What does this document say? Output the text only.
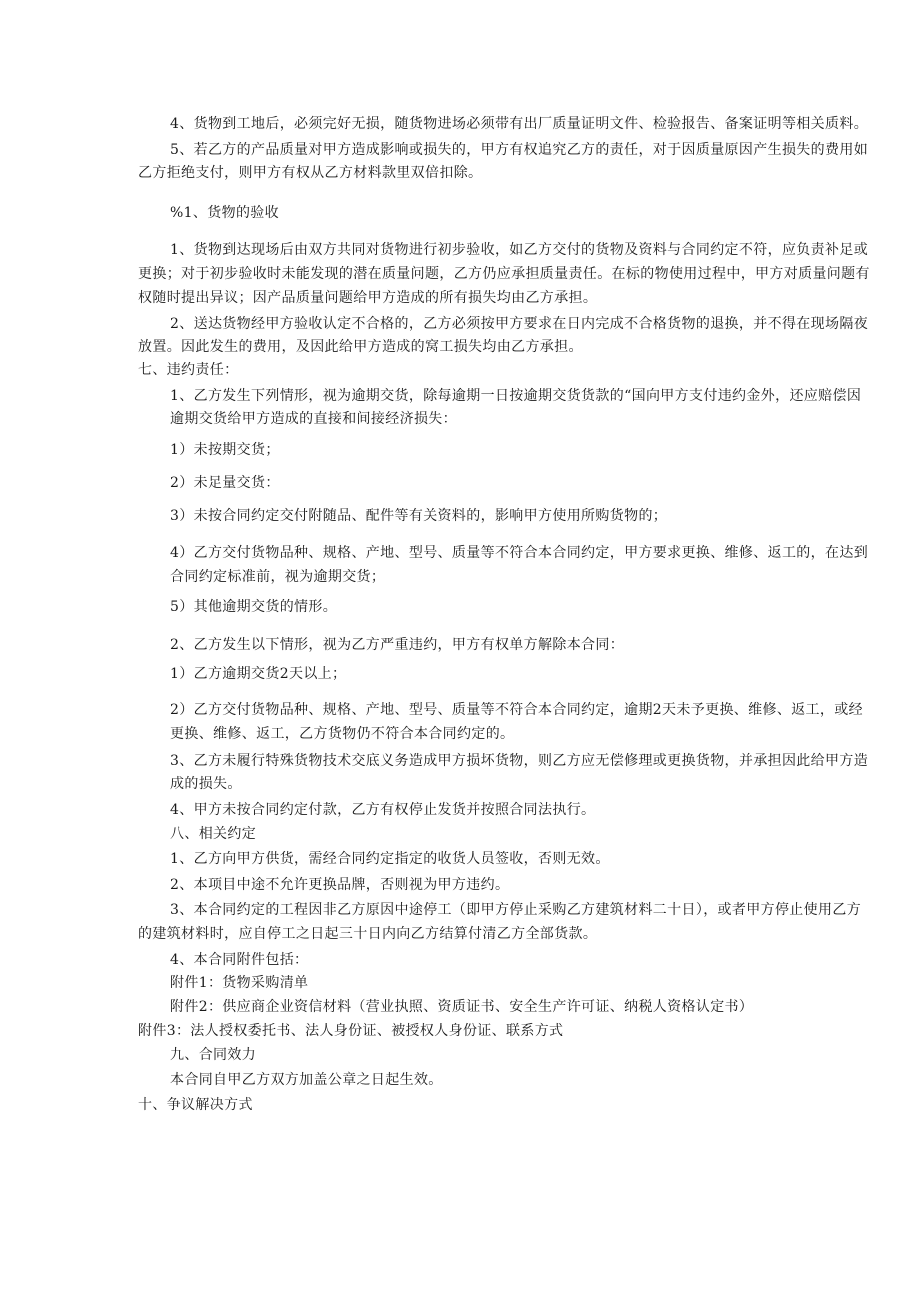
4、货物到工地后，必须完好无损，随货物进场必须带有出厂质量证明文件、检验报告、备案证明等相关质料。
5、若乙方的产品质量对甲方造成影响或损失的，甲方有权追究乙方的责任，对于因质量原因产生损失的费用如
乙方拒绝支付，则甲方有权从乙方材料款里双倍扣除。
%1、货物的验收
1、货物到达现场后由双方共同对货物进行初步验收，如乙方交付的货物及资料与合同约定不符，应负责补足或
更换；对于初步验收时未能发现的潜在质量问题，乙方仍应承担质量责任。在标的物使用过程中，甲方对质量问题有
权随时提出异议；因产品质量问题给甲方造成的所有损失均由乙方承担。
2、送达货物经甲方验收认定不合格的，乙方必须按甲方要求在日内完成不合格货物的退换，并不得在现场隔夜
放置。因此发生的费用，及因此给甲方造成的窝工损失均由乙方承担。
七、违约责任：
1、乙方发生下列情形，视为逾期交货，除每逾期一日按逾期交货货款的“国向甲方支付违约金外，还应赔偿因
逾期交货给甲方造成的直接和间接经济损失：
1）未按期交货；
2）未足量交货：
3）未按合同约定交付附随品、配件等有关资料的，影响甲方使用所购货物的；
4）乙方交付货物品种、规格、产地、型号、质量等不符合本合同约定，甲方要求更换、维修、返工的，在达到
合同约定标准前，视为逾期交货；
5）其他逾期交货的情形。
2、乙方发生以下情形，视为乙方严重违约，甲方有权单方解除本合同：
1）乙方逾期交货2天以上；
2）乙方交付货物品种、规格、产地、型号、质量等不符合本合同约定，逾期2天未予更换、维修、返工，或经
更换、维修、返工，乙方货物仍不符合本合同约定的。
3、乙方未履行特殊货物技术交底义务造成甲方损坏货物，则乙方应无偿修理或更换货物，并承担因此给甲方造
成的损失。
4、甲方未按合同约定付款，乙方有权停止发货并按照合同法执行。
八、相关约定
1、乙方向甲方供货，需经合同约定指定的收货人员签收，否则无效。
2、本项目中途不允许更换品牌，否则视为甲方违约。
3、本合同约定的工程因非乙方原因中途停工（即甲方停止采购乙方建筑材料二十日），或者甲方停止使用乙方
的建筑材料时，应自停工之日起三十日内向乙方结算付清乙方全部货款。
4、本合同附件包括：
附件1：货物采购清单
附件2：供应商企业资信材料（营业执照、资质证书、安全生产许可证、纳税人资格认定书）
附件3：法人授权委托书、法人身份证、被授权人身份证、联系方式
九、合同效力
本合同自甲乙方双方加盖公章之日起生效。
十、争议解决方式
